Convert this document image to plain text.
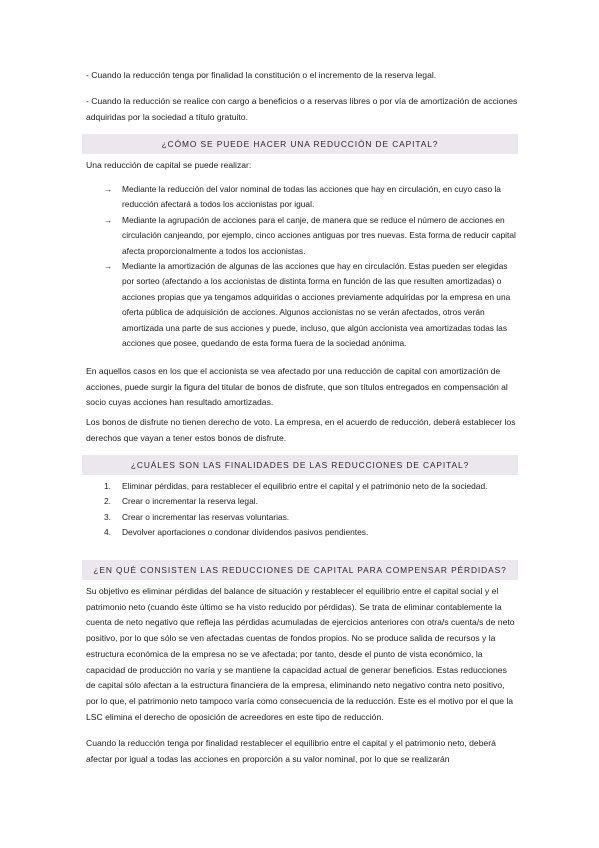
- Cuando la reducción tenga por finalidad la constitución o el incremento de la reserva legal.

- Cuando la reducción se realice con cargo a beneficios o a reservas libres o por vía de amortización de acciones adquiridas por la sociedad a título gratuito.

¿CÓMO SE PUEDE HACER UNA REDUCCIÓN DE CAPITAL?

Una reducción de capital se puede realizar:

→ Mediante la reducción del valor nominal de todas las acciones que hay en circulación, en cuyo caso la reducción afectará a todos los accionistas por igual.
→ Mediante la agrupación de acciones para el canje, de manera que se reduce el número de acciones en circulación canjeando, por ejemplo, cinco acciones antiguas por tres nuevas. Esta forma de reducir capital afecta proporcionalmente a todos los accionistas.
→ Mediante la amortización de algunas de las acciones que hay en circulación. Estas pueden ser elegidas por sorteo (afectando a los accionistas de distinta forma en función de las que resulten amortizadas) o acciones propias que ya tengamos adquiridas o acciones previamente adquiridas por la empresa en una oferta pública de adquisición de acciones. Algunos accionistas no se verán afectados, otros verán amortizada una parte de sus acciones y puede, incluso, que algún accionista vea amortizadas todas las acciones que posee, quedando de esta forma fuera de la sociedad anónima.

En aquellos casos en los que el accionista se vea afectado por una reducción de capital con amortización de acciones, puede surgir la figura del titular de bonos de disfrute, que son títulos entregados en compensación al socio cuyas acciones han resultado amortizadas.

Los bonos de disfrute no tienen derecho de voto. La empresa, en el acuerdo de reducción, deberá establecer los derechos que vayan a tener estos bonos de disfrute.

¿CUÁLES SON LAS FINALIDADES DE LAS REDUCCIONES DE CAPITAL?
1. Eliminar pérdidas, para restablecer el equilibrio entre el capital y el patrimonio neto de la sociedad.
2. Crear o incrementar la reserva legal.
3. Crear o incrementar las reservas voluntarias.
4. Devolver aportaciones o condonar dividendos pasivos pendientes.
¿EN QUÉ CONSISTEN LAS REDUCCIONES DE CAPITAL PARA COMPENSAR PÉRDIDAS?

Su objetivo es eliminar pérdidas del balance de situación y restablecer el equilibrio entre el capital social y el patrimonio neto (cuando éste último se ha visto reducido por pérdidas). Se trata de eliminar contablemente la cuenta de neto negativo que refleja las pérdidas acumuladas de ejercicios anteriores con otra/s cuenta/s de neto positivo, por lo que sólo se ven afectadas cuentas de fondos propios. No se produce salida de recursos y la estructura económica de la empresa no se ve afectada; por tanto, desde el punto de vista económico, la capacidad de producción no varía y se mantiene la capacidad actual de generar beneficios. Estas reducciones de capital sólo afectan a la estructura financiera de la empresa, eliminando neto negativo contra neto positivo, por lo que, el patrimonio neto tampoco varía como consecuencia de la reducción. Este es el motivo por el que la LSC elimina el derecho de oposición de acreedores en este tipo de reducción.

Cuando la reducción tenga por finalidad restablecer el equilibrio entre el capital y el patrimonio neto, deberá afectar por igual a todas las acciones en proporción a su valor nominal, por lo que se realizarán
